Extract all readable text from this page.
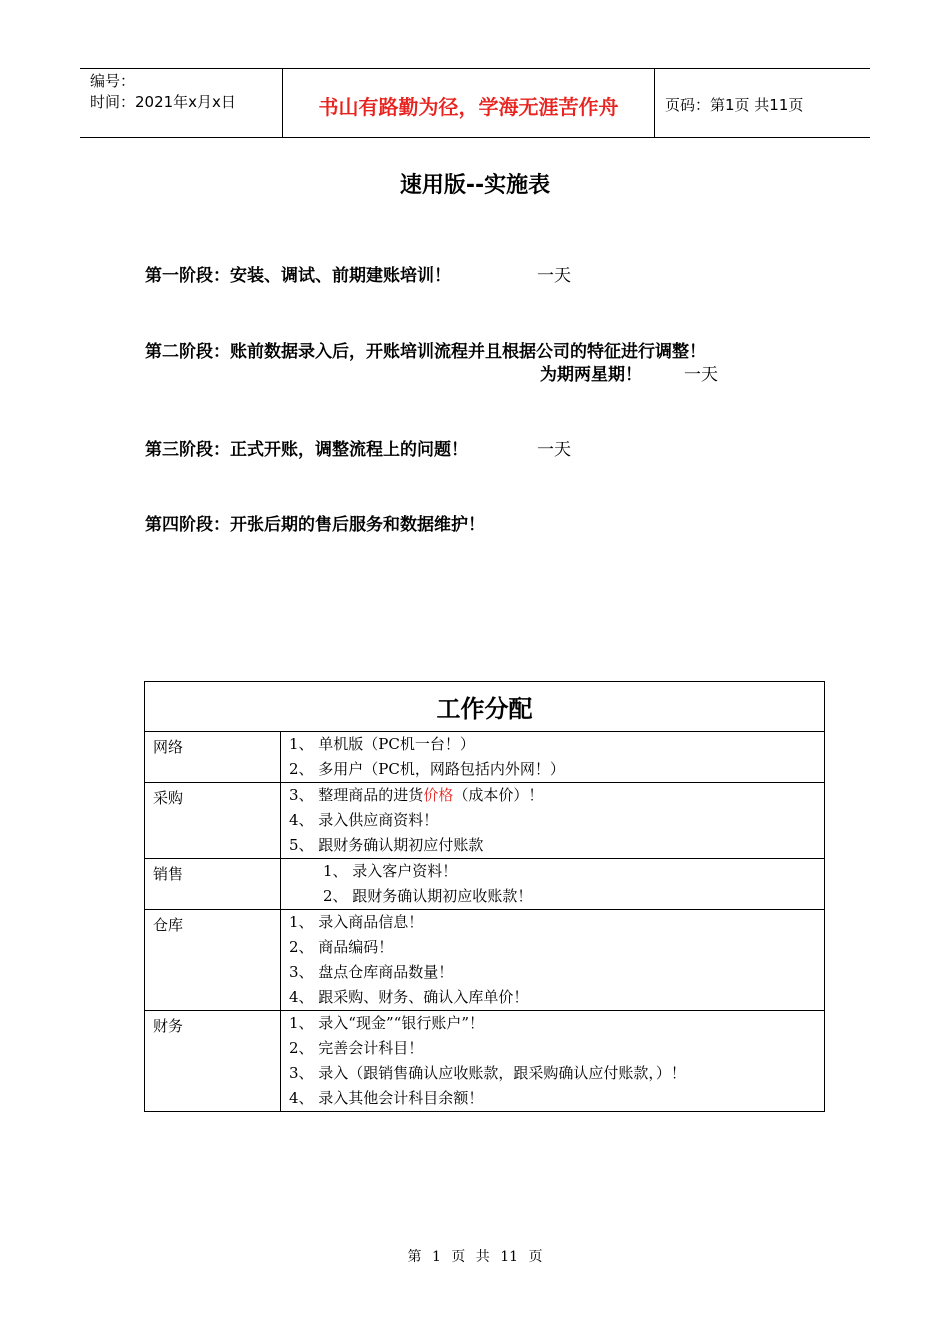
编号：
时间：2021年x月x日	书山有路勤为径，学海无涯苦作舟	页码：第1页 共11页
速用版--实施表
第一阶段：安装、调试、前期建账培训！	一天
第二阶段：账前数据录入后，开账培训流程并且根据公司的特征进行调整！
为期两星期！ 一天
第三阶段：正式开账，调整流程上的问题！	一天
第四阶段：开张后期的售后服务和数据维护！
工作分配	
网络	1、 单机版（PC机一台！）
2、 多用户（PC机，网路包括内外网！）

采购	3、 整理商品的进货价格（成本价）！
4、 录入供应商资料！
5、 跟财务确认期初应付账款

销售	1、 录入客户资料！
2、 跟财务确认期初应收账款！

仓库	1、 录入商品信息！
2、 商品编码！
3、 盘点仓库商品数量！
4、 跟采购、财务、确认入库单价！

财务	1、 录入“现金”“银行账户”！
2、 完善会计科目！
3、 录入（跟销售确认应收账款，跟采购确认应付账款，）！
4、 录入其他会计科目余额！
第 1 页 共 11 页
